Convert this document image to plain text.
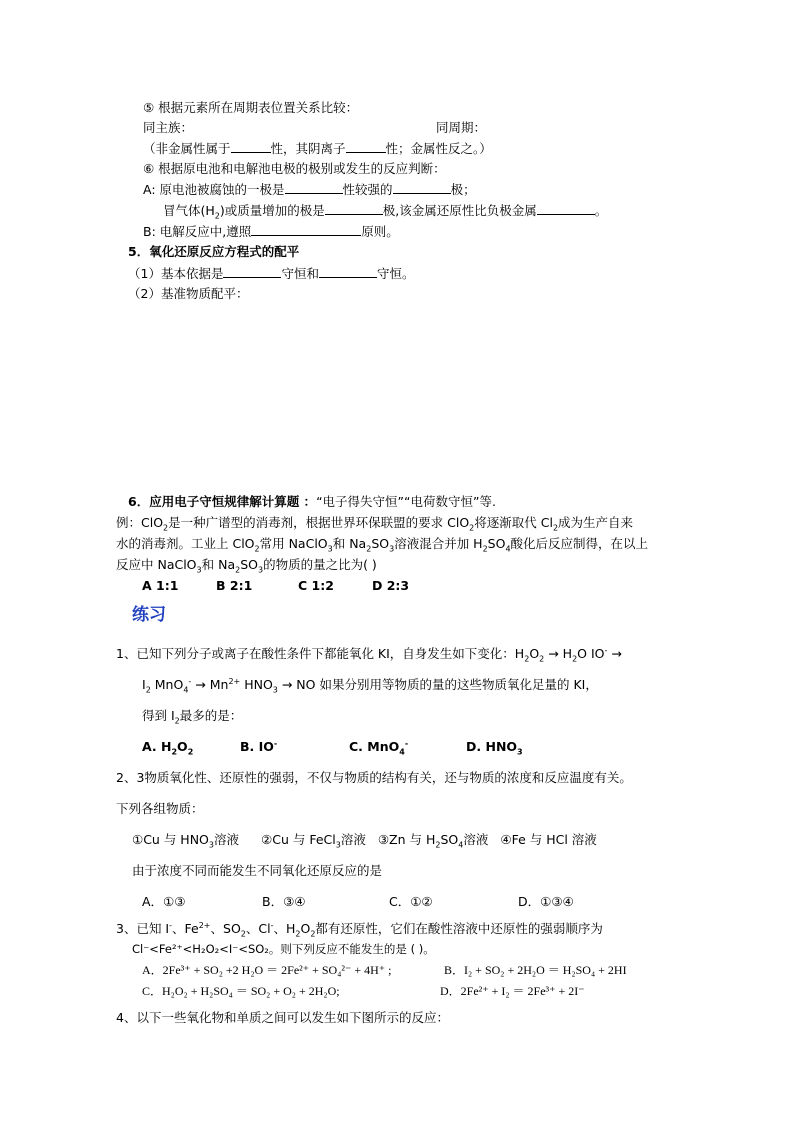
⑤ 根据元素所在周期表位置关系比较：
同主族：	同周期：
（非金属性属于	性，其阴离子	性；金属性反之。）
⑥ 根据原电池和电解池电极的极别或发生的反应判断：
A: 原电池被腐蚀的一极是	性较强的	极；
冒气体$(H_2)$或质量增加的极是	极,该金属还原性比负极金属	。
B: 电解反应中,遵照	原则。
5．氧化还原反应方程式的配平
（1）基本依据是	守恒和	守恒。
（2）基准物质配平：
6．应用电子守恒规律解计算题 ：“电子得失守恒”“电荷数守恒”等.
例：ClO$_2$是一种广谱型的消毒剂，根据世界环保联盟的要求 ClO$_2$将逐渐取代 $Cl_2$成为生产自来
水的消毒剂。工业上 ClO$_2$常用 NaClO$_3$和 $Na_2SO_3$溶液混合并加 $H_2SO_4$酸化后反应制得，在以上
反应中 NaClO$_3$和 $Na_2SO_3$的物质的量之比为( )
A 1:1	B 2:1	C 1:2	D 2:3
练习
1、已知下列分子或离子在酸性条件下都能氧化 KI，自身发生如下变化：$H_2O_2 \to H_2O$ IO- →
$I_2$ $MnO_4^- \to Mn^{2+}$ $HNO_3$ → NO 如果分别用等物质的量的这些物质氧化足量的 KI，
得到 $I_2$最多的是：
A. $H_2O_2$	B. IO-	C. MnO$_4$-	D. $HNO_3$
2、3物质氧化性、还原性的强弱，不仅与物质的结构有关，还与物质的浓度和反应温度有关。
下列各组物质：
①Cu 与 $HNO_3$溶液 ②Cu 与 FeCl$_3$溶液 ③Zn 与 $H_2SO_4$溶液 ④Fe 与 HCl 溶液
由于浓度不同而能发生不同氧化还原反应的是
A．①③	B．③④	C．①②	D．①③④
3、已知 I-、$Fe^{2+}$、$SO_2$、Cl-、$H_2O_2$都有还原性，它们在酸性溶液中还原性的强弱顺序为
Cl⁻<Fe²⁺<H₂O₂<I⁻<SO₂。则下列反应不能发生的是 ( )。
A．2Fe³⁺ + SO₂ +2 H₂O ＝ 2Fe²⁺ + SO₄²⁻ + 4H⁺ ;	B．I₂ + SO₂ + 2H₂O ＝ H₂SO₄ + 2HI
C．H₂O₂ + H₂SO₄ ＝ SO₂ + O₂ + 2H₂O;	D．2Fe²⁺ + I₂ ＝ 2Fe³⁺ + 2I⁻
4、以下一些氧化物和单质之间可以发生如下图所示的反应：
